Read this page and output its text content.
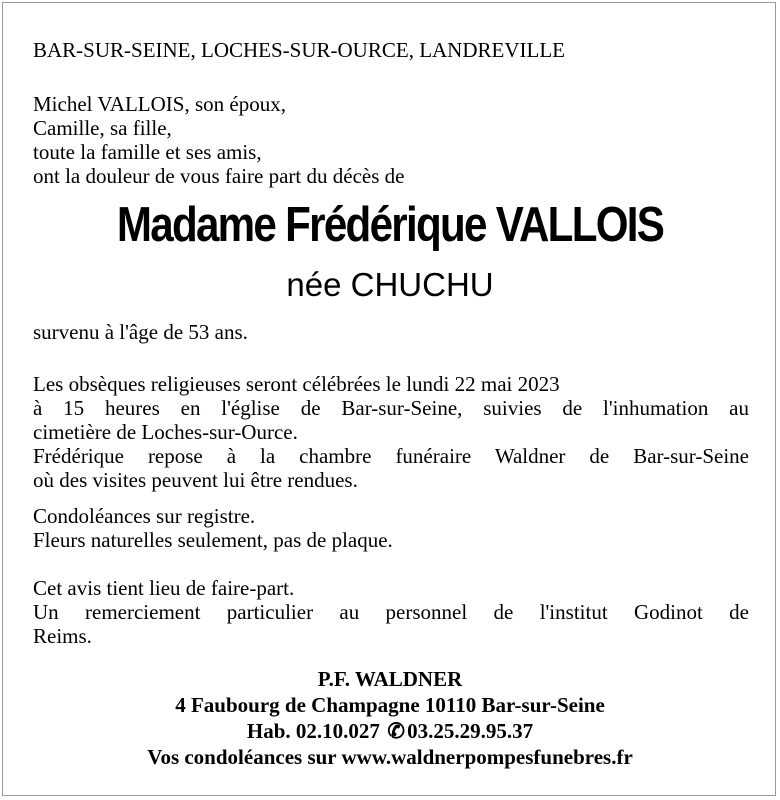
BAR-SUR-SEINE, LOCHES-SUR-OURCE, LANDREVILLE
Michel VALLOIS, son époux,
Camille, sa fille,
toute la famille et ses amis,
ont la douleur de vous faire part du décès de
Madame Frédérique VALLOIS
née CHUCHU
survenu à l'âge de 53 ans.
Les obsèques religieuses seront célébrées le lundi 22 mai 2023
à 15 heures en l'église de Bar-sur-Seine, suivies de l'inhumation au
cimetière de Loches-sur-Ource.
Frédérique repose à la chambre funéraire Waldner de Bar-sur-Seine
où des visites peuvent lui être rendues.
Condoléances sur registre.
Fleurs naturelles seulement, pas de plaque.
Cet avis tient lieu de faire-part.
Un remerciement particulier au personnel de l'institut Godinot de
Reims.
P.F. WALDNER
4 Faubourg de Champagne 10110 Bar-sur-Seine
Hab. 02.10.027 ✆ 03.25.29.95.37
Vos condoléances sur www.waldnerpompesfunebres.fr
